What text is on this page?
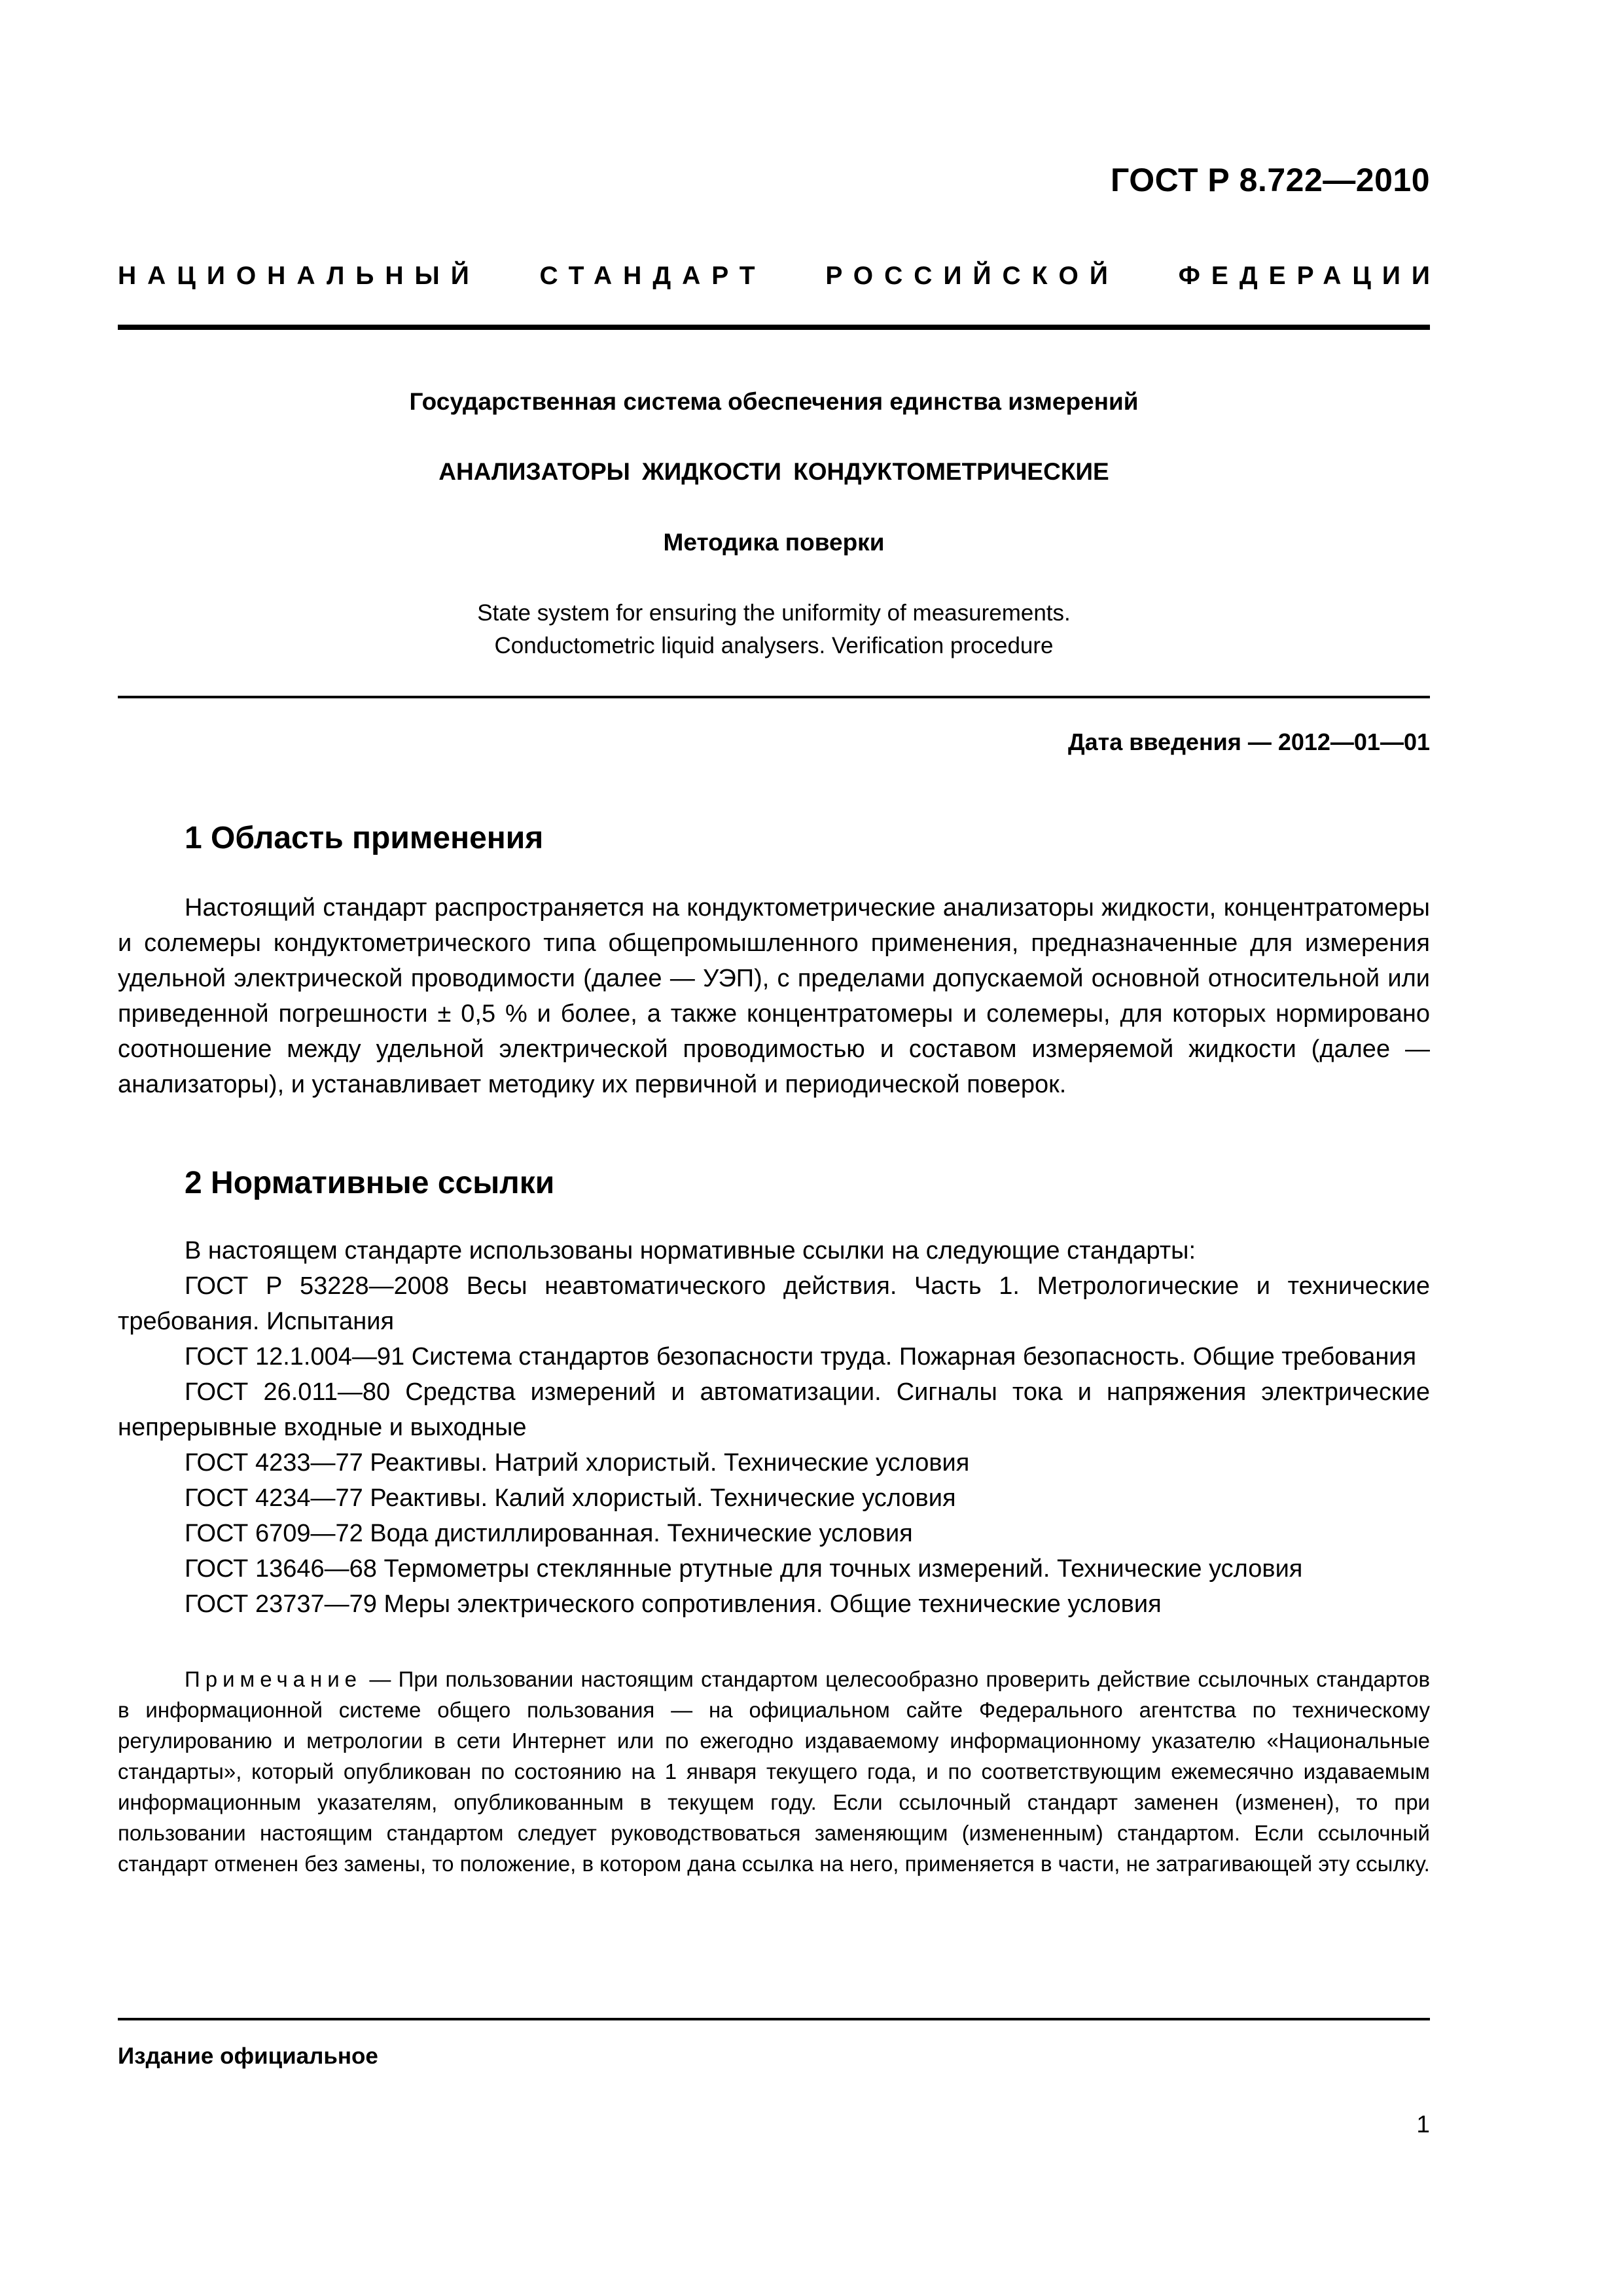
ГОСТ Р 8.722—2010
НАЦИОНАЛЬНЫЙ СТАНДАРТ РОССИЙСКОЙ ФЕДЕРАЦИИ
Государственная система обеспечения единства измерений
АНАЛИЗАТОРЫ ЖИДКОСТИ КОНДУКТОМЕТРИЧЕСКИЕ
Методика поверки
State system for ensuring the uniformity of measurements.
Conductometric liquid analysers. Verification procedure
Дата введения — 2012—01—01
1 Область применения
Настоящий стандарт распространяется на кондуктометрические анализаторы жидкости, концентратомеры и солемеры кондуктометрического типа общепромышленного применения, предназначенные для измерения удельной электрической проводимости (далее — УЭП), с пределами допускаемой основной относительной или приведенной погрешности ± 0,5 % и более, а также концентратомеры и солемеры, для которых нормировано соотношение между удельной электрической проводимостью и составом измеряемой жидкости (далее — анализаторы), и устанавливает методику их первичной и периодической поверок.
2 Нормативные ссылки

В настоящем стандарте использованы нормативные ссылки на следующие стандарты:

ГОСТ Р 53228—2008 Весы неавтоматического действия. Часть 1. Метрологические и технические требования. Испытания

ГОСТ 12.1.004—91 Система стандартов безопасности труда. Пожарная безопасность. Общие требования

ГОСТ 26.011—80 Средства измерений и автоматизации. Сигналы тока и напряжения электрические непрерывные входные и выходные

ГОСТ 4233—77 Реактивы. Натрий хлористый. Технические условия

ГОСТ 4234—77 Реактивы. Калий хлористый. Технические условия

ГОСТ 6709—72 Вода дистиллированная. Технические условия

ГОСТ 13646—68 Термометры стеклянные ртутные для точных измерений. Технические условия

ГОСТ 23737—79 Меры электрического сопротивления. Общие технические условия

Примечание — При пользовании настоящим стандартом целесообразно проверить действие ссылочных стандартов в информационной системе общего пользования — на официальном сайте Федерального агентства по техническому регулированию и метрологии в сети Интернет или по ежегодно издаваемому информационному указателю «Национальные стандарты», который опубликован по состоянию на 1 января текущего года, и по соответствующим ежемесячно издаваемым информационным указателям, опубликованным в текущем году. Если ссылочный стандарт заменен (изменен), то при пользовании настоящим стандартом следует руководствоваться заменяющим (измененным) стандартом. Если ссылочный стандарт отменен без замены, то положение, в котором дана ссылка на него, применяется в части, не затрагивающей эту ссылку.
Издание официальное
1
